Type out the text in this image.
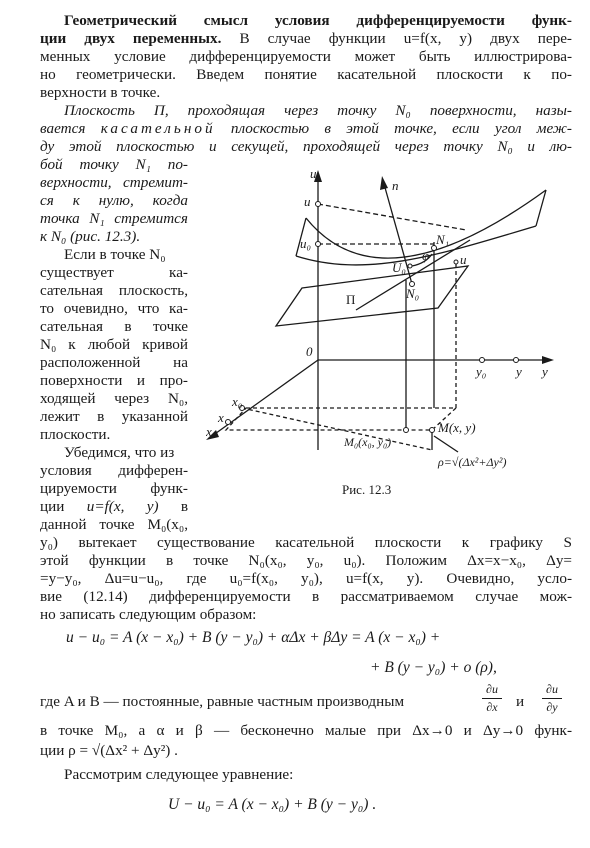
Геометрический смысл условия дифференцируемости функ-
ции двух переменных. В случае функции u=f(x, y) двух пере-
менных условие дифференцируемости может быть иллюстрирова-
но геометрически. Введем понятие касательной плоскости к по-
верхности в точке.
Плоскость Π, проходящая через точку N₀ поверхности, назы-
вается касательной плоскостью в этой точке, если угол меж-
ду этой плоскостью и секущей, проходящей через точку N₀ и лю-
бой точку N₁ по-
верхности, стремит-
ся к нулю, когда
точка N₁ стремится
к N₀ (рис. 12.3).
Если в точке N₀
существует	ка-
сательная плоскость,
то очевидно, что ка-
сательная в точке
N₀ к любой кривой
расположенной на
поверхности и про-
ходящей через N₀,
лежит в указанной
плоскости.
Убедимся, что из
условия дифферен-
цируемости функ-
ции u=f(x, y) в
данной точке M₀(x₀,
y₀) вытекает существование касательной плоскости к графику S
этой функции в точке N₀(x₀, y₀, u₀). Положим Δx=x−x₀, Δy=
=y−y₀, Δu=u−u₀, где u₀=f(x₀, y₀), u=f(x, y). Очевидно, усло-
вие (12.14) дифференцируемости в рассматриваемом случае мож-
но записать следующим образом:
u − u₀ = A (x − x₀) + B (y − y₀) + αΔx + βΔy = A (x − x₀) +
+ B (y − y₀) + o (ρ),
где A и B — постоянные, равные частным производным
∂u
∂x и
∂u
∂y
в точке M₀, а α и β — бесконечно малые при Δx→0 и Δy→0 функ-
ции ρ = √(Δx² + Δy²) .
Рассмотрим следующее уравнение:
U − u₀ = A (x − x₀) + B (y − y₀) .
u
u
u₀
n
N₁
φ
U₀
u
N₀
Π
0
y₀ y y
x₀
x
x	M(x, y)
M₀(x₀, y₀)
ρ=√(Δx²+Δy²)
Рис. 12.3
